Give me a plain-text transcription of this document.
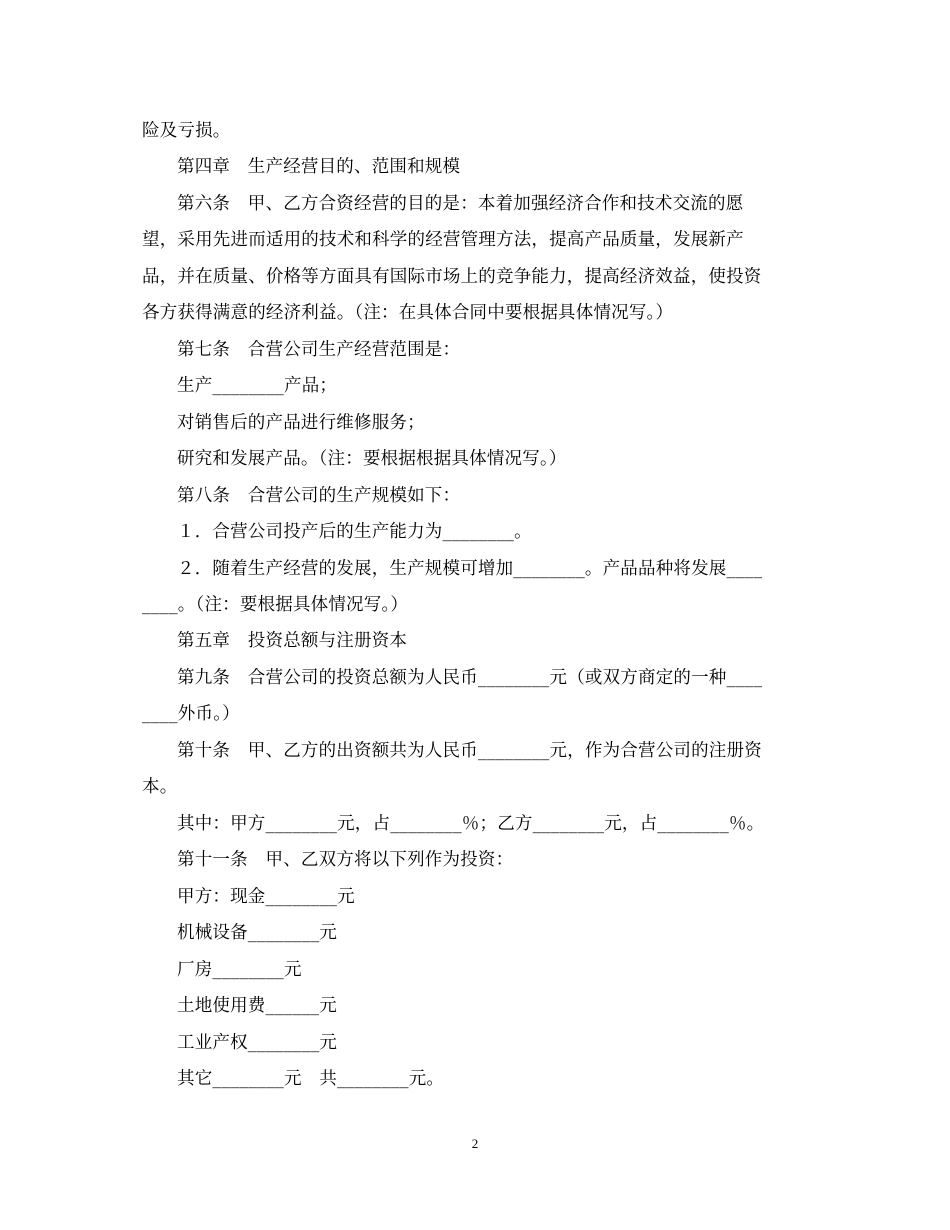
险及亏损。
第四章　生产经营目的、范围和规模
第六条　甲、乙方合资经营的目的是：本着加强经济合作和技术交流的愿
望，采用先进而适用的技术和科学的经营管理方法，提高产品质量，发展新产
品，并在质量、价格等方面具有国际市场上的竞争能力，提高经济效益，使投资
各方获得满意的经济利益。（注：在具体合同中要根据具体情况写。）
第七条　合营公司生产经营范围是：
生产________产品；
对销售后的产品进行维修服务；
研究和发展产品。（注：要根据根据具体情况写。）
第八条　合营公司的生产规模如下：
１．合营公司投产后的生产能力为________。
２．随着生产经营的发展，生产规模可增加________。产品品种将发展____
____。（注：要根据具体情况写。）
第五章　投资总额与注册资本
第九条　合营公司的投资总额为人民币________元（或双方商定的一种____
____外币。）
第十条　甲、乙方的出资额共为人民币________元，作为合营公司的注册资
本。
其中：甲方________元，占________％；乙方________元，占________％。
第十一条　甲、乙双方将以下列作为投资：
甲方：现金________元
机械设备________元
厂房________元
土地使用费______元
工业产权________元
其它________元　共________元。
2
